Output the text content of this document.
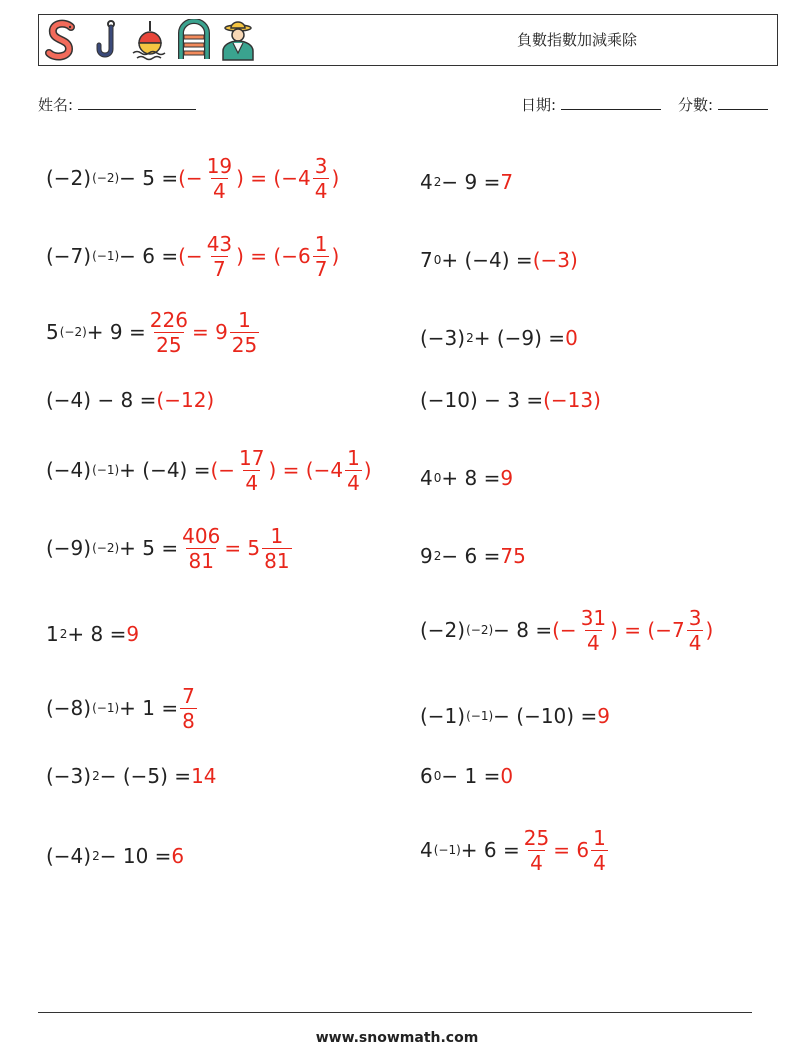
負數指數加減乘除
姓名:	日期:	分數:
(−2) (−2) − 5 = (− $\frac{19}{4}$ ) = ($-4 \frac{3}{4}$ )
(−7) (−1) − 6 = (− $\frac{43}{7}$ ) = ($-6 \frac{1}{7}$ )
5 $(-2) + 9 = \frac{226}{25} = 9 \frac{1}{25}$
(−4) − 8 = (−12)
(−4) (−1) + (−4) = (− $\frac{17}{4}$ ) = ($-4 \frac{1}{4}$ )
(−9) $(-2) + 5 = \frac{406}{81} = 5 \frac{1}{81}$
1 2 + 8 = 9
(−8) $(-1) + 1 = \frac{7}{8}$
(−3) 2 − (−5) = 14
(−4) 2 − 10 = 6
4 2 − 9 = 7
7 0 + (−4) = (−3)
(−3) 2 + (−9) = 0
(−10) − 3 = (−13)
4 0 + 8 = 9
9 2 − 6 = 75
(−2) (−2) − 8 = (− $\frac{31}{4}$ ) = ($-7 \frac{3}{4}$ )
(−1) (−1) − (−10) = 9
6 0 − 1 = 0
4 $(-1) + 6 = \frac{25}{4} = 6 \frac{1}{4}$
www.snowmath.com
